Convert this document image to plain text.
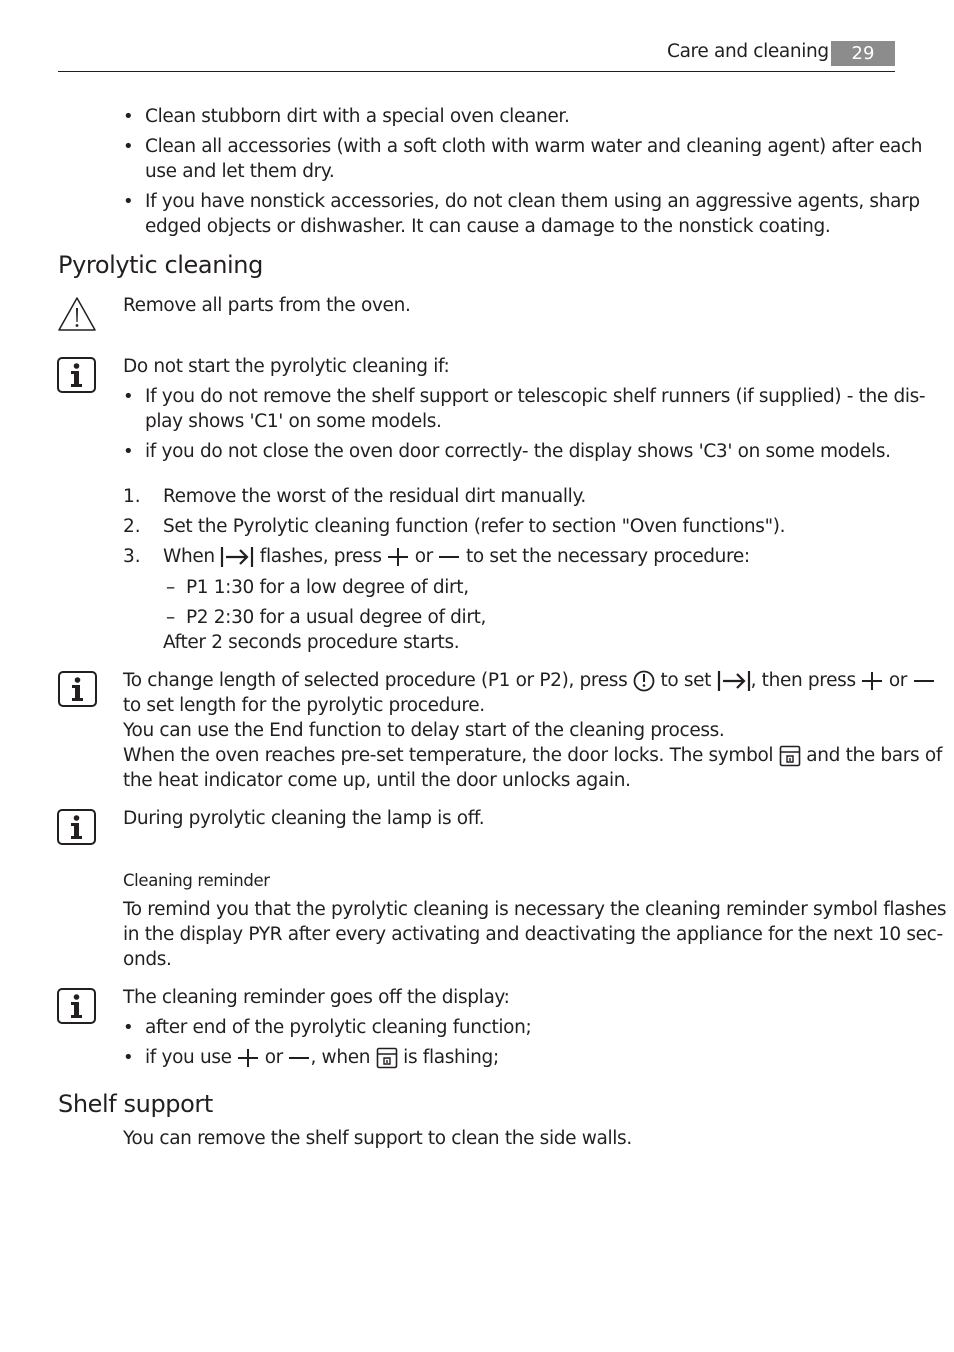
Care and cleaning	29
• Clean stubborn dirt with a special oven cleaner.
• Clean all accessories (with a soft cloth with warm water and cleaning agent) after each
use and let them dry.
• If you have nonstick accessories, do not clean them using an aggressive agents, sharp
edged objects or dishwasher. It can cause a damage to the nonstick coating.
Pyrolytic cleaning
Remove all parts from the oven.
Do not start the pyrolytic cleaning if:
• If you do not remove the shelf support or telescopic shelf runners (if supplied) - the dis-
play shows 'C1' on some models.
• if you do not close the oven door correctly- the display shows 'C3' on some models.
1. Remove the worst of the residual dirt manually.
2. Set the Pyrolytic cleaning function (refer to section "Oven functions").
3. When flashes, press or to set the necessary procedure:
– P1 1:30 for a low degree of dirt,
– P2 2:30 for a usual degree of dirt,
After 2 seconds procedure starts.
To change length of selected procedure (P1 or P2), press to set , then press or
to set length for the pyrolytic procedure.
You can use the End function to delay start of the cleaning process.
When the oven reaches pre-set temperature, the door locks. The symbol and the bars of
the heat indicator come up, until the door unlocks again.
During pyrolytic cleaning the lamp is off.
Cleaning reminder
To remind you that the pyrolytic cleaning is necessary the cleaning reminder symbol flashes
in the display PYR after every activating and deactivating the appliance for the next 10 sec-
onds.
The cleaning reminder goes off the display:
• after end of the pyrolytic cleaning function;
• if you use or , when is flashing;
Shelf support
You can remove the shelf support to clean the side walls.
